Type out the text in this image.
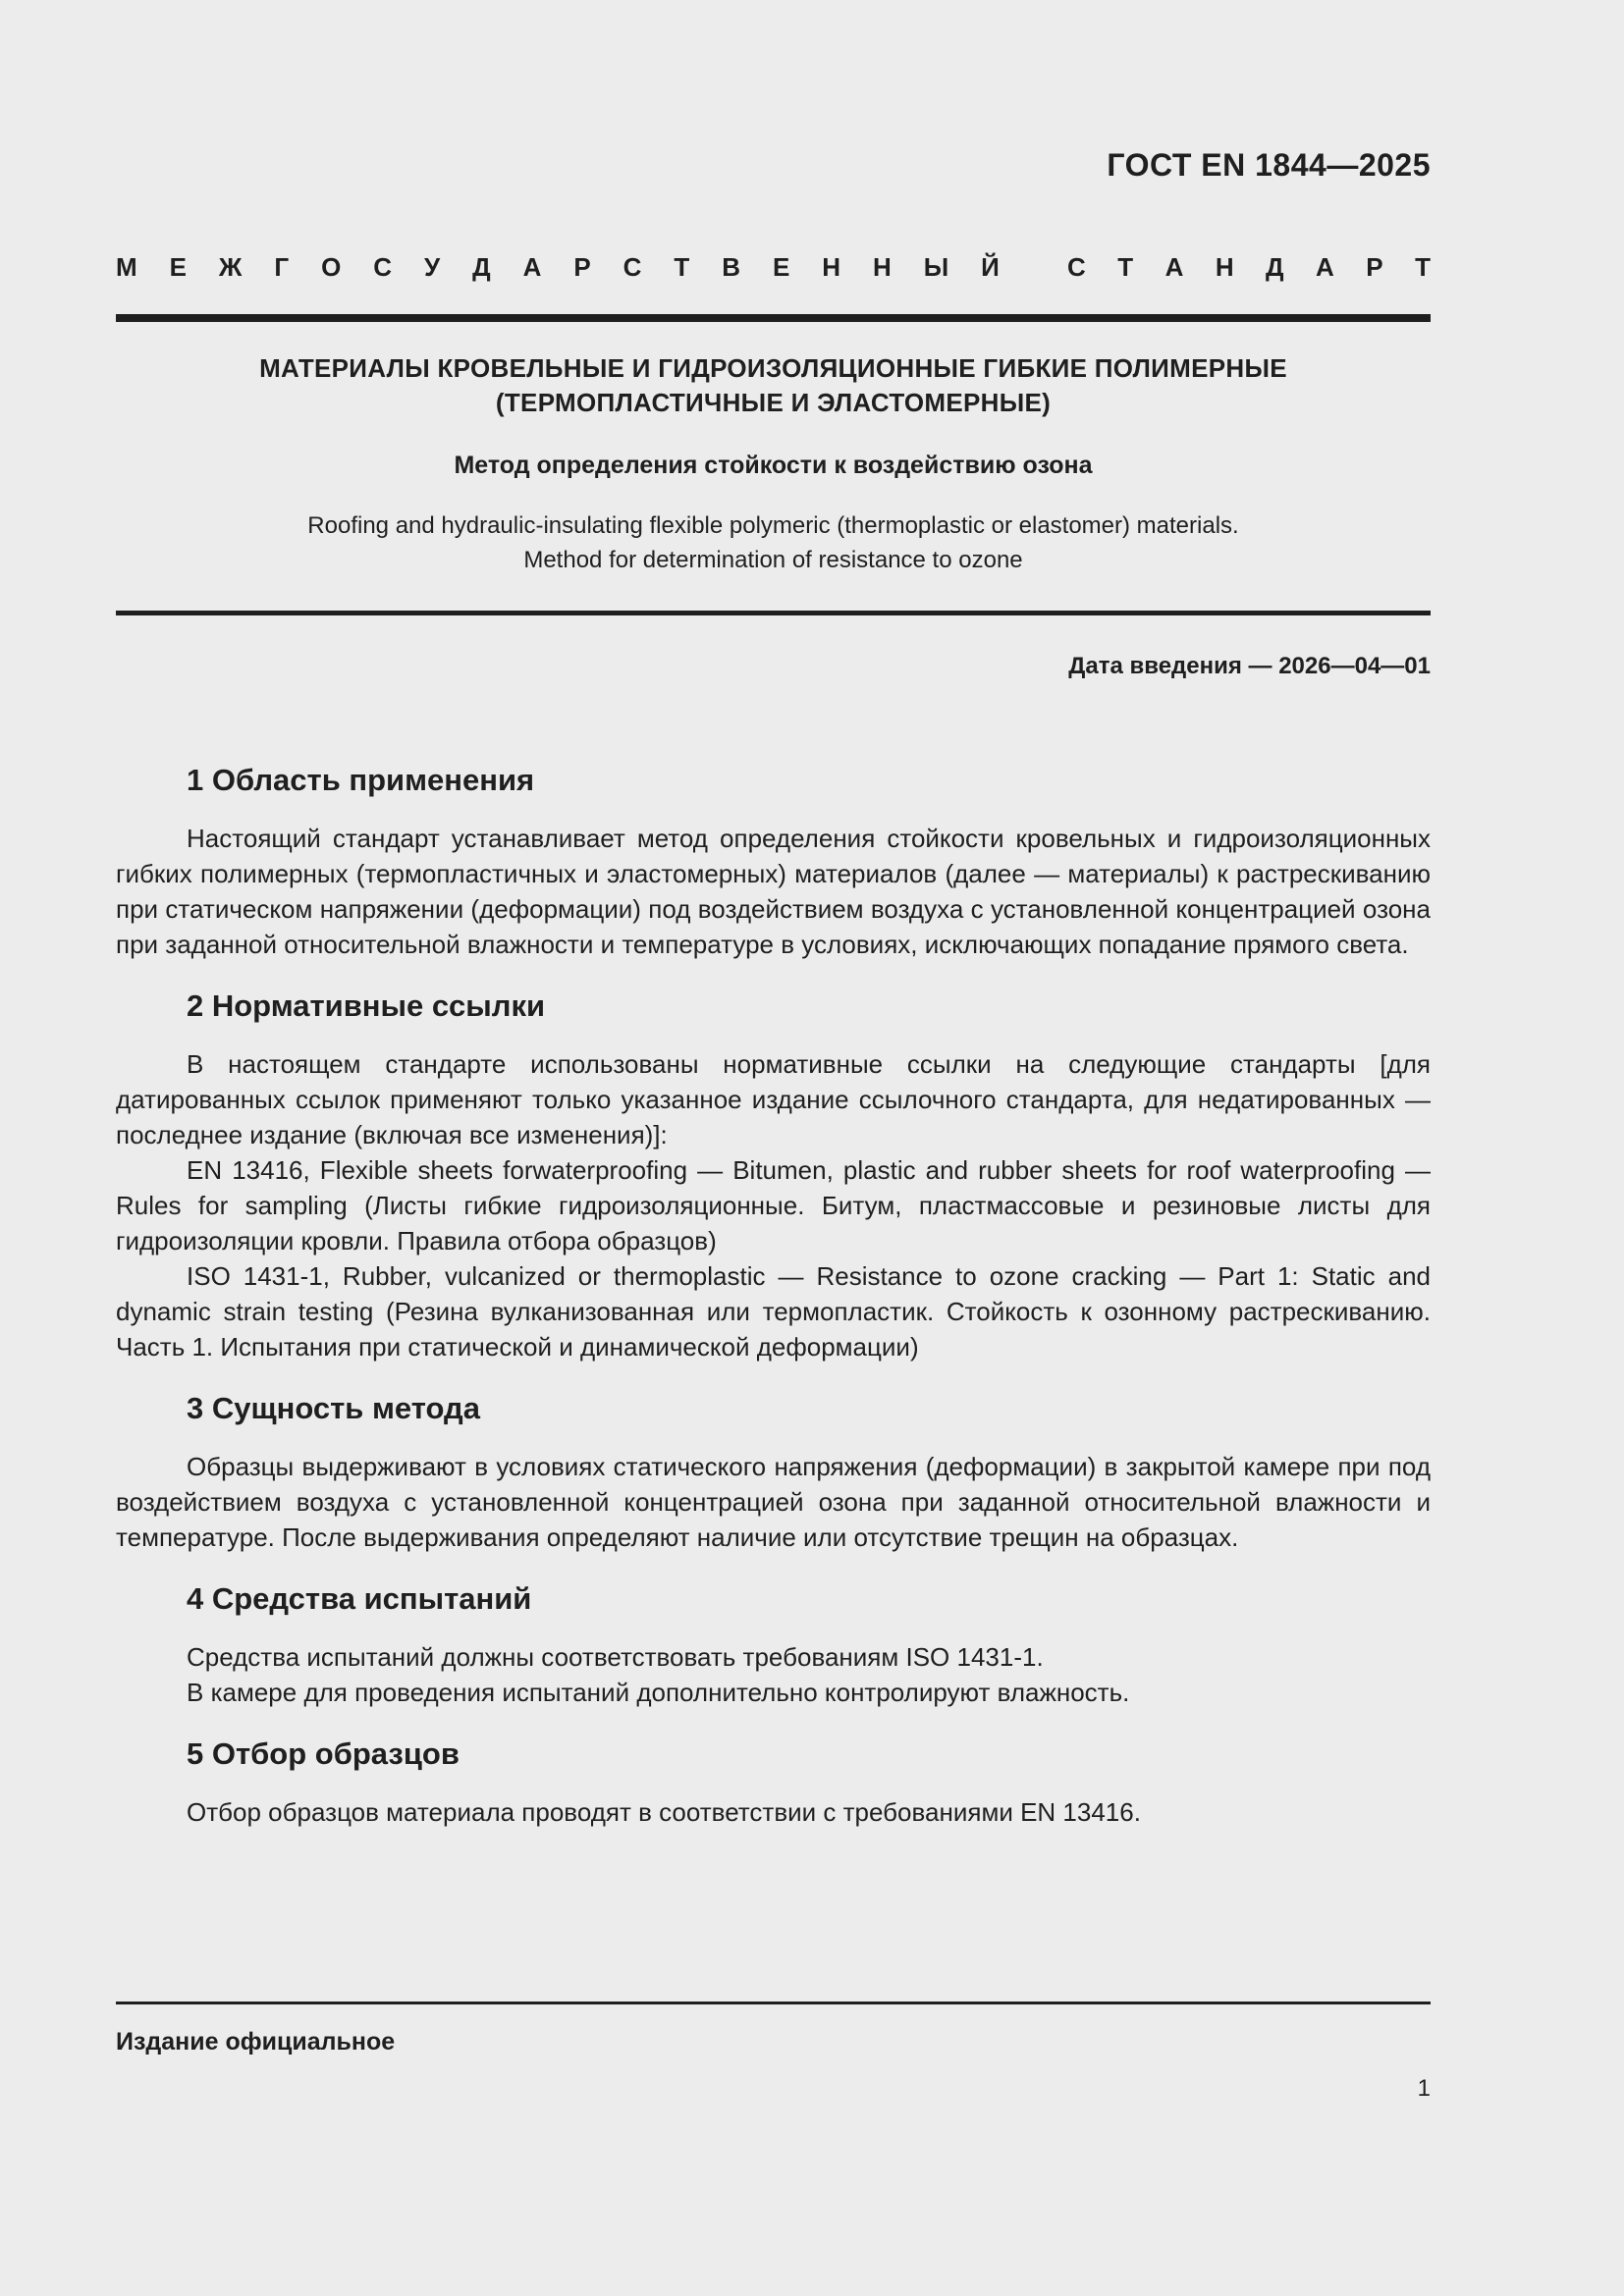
ГОСТ EN 1844—2025
М Е Ж Г О С У Д А Р С Т В Е Н Н Ы Й	С Т А Н Д А Р Т
МАТЕРИАЛЫ КРОВЕЛЬНЫЕ И ГИДРОИЗОЛЯЦИОННЫЕ ГИБКИЕ ПОЛИМЕРНЫЕ
(ТЕРМОПЛАСТИЧНЫЕ И ЭЛАСТОМЕРНЫЕ)
Метод определения стойкости к воздействию озона
Roofing and hydraulic-insulating flexible polymeric (thermoplastic or elastomer) materials.
Method for determination of resistance to ozone
Дата введения — 2026—04—01
1 Область применения

Настоящий стандарт устанавливает метод определения стойкости кровельных и гидроизоляционных гибких полимерных (термопластичных и эластомерных) материалов (далее — материалы) к растрескиванию при статическом напряжении (деформации) под воздействием воздуха с установленной концентрацией озона при заданной относительной влажности и температуре в условиях, исключающих попадание прямого света.

2 Нормативные ссылки

В настоящем стандарте использованы нормативные ссылки на следующие стандарты [для датированных ссылок применяют только указанное издание ссылочного стандарта, для недатированных — последнее издание (включая все изменения)]:

EN 13416, Flexible sheets forwaterproofing — Bitumen, plastic and rubber sheets for roof waterproofing — Rules for sampling (Листы гибкие гидроизоляционные. Битум, пластмассовые и резиновые листы для гидроизоляции кровли. Правила отбора образцов)

ISO 1431-1, Rubber, vulcanized or thermoplastic — Resistance to ozone cracking — Part 1: Static and dynamic strain testing (Резина вулканизованная или термопластик. Стойкость к озонному растрескиванию. Часть 1. Испытания при статической и динамической деформации)

3 Сущность метода

Образцы выдерживают в условиях статического напряжения (деформации) в закрытой камере при под воздействием воздуха с установленной концентрацией озона при заданной относительной влажности и температуре. После выдерживания определяют наличие или отсутствие трещин на образцах.

4 Средства испытаний

Средства испытаний должны соответствовать требованиям ISO 1431-1.

В камере для проведения испытаний дополнительно контролируют влажность.

5 Отбор образцов

Отбор образцов материала проводят в соответствии с требованиями EN 13416.

Издание официальное
1
